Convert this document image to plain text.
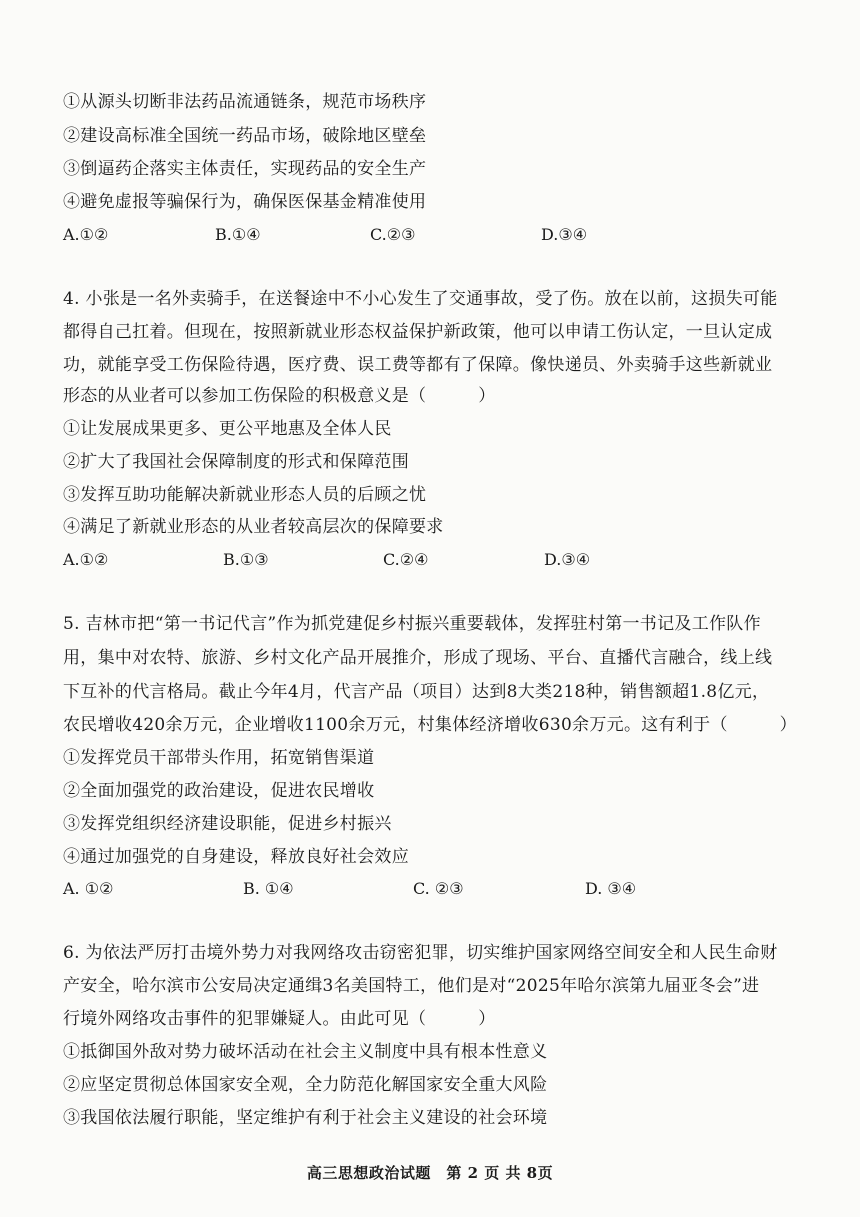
①从源头切断非法药品流通链条，规范市场秩序
②建设高标准全国统一药品市场，破除地区壁垒
③倒逼药企落实主体责任，实现药品的安全生产
④避免虚报等骗保行为，确保医保基金精准使用
A.①②	B.①④	C.②③	D.③④
4. 小张是一名外卖骑手，在送餐途中不小心发生了交通事故，受了伤。放在以前，这损失可能
都得自己扛着。但现在，按照新就业形态权益保护新政策，他可以申请工伤认定，一旦认定成
功，就能享受工伤保险待遇，医疗费、误工费等都有了保障。像快递员、外卖骑手这些新就业
形态的从业者可以参加工伤保险的积极意义是（　　　）
①让发展成果更多、更公平地惠及全体人民
②扩大了我国社会保障制度的形式和保障范围
③发挥互助功能解决新就业形态人员的后顾之忧
④满足了新就业形态的从业者较高层次的保障要求
A.①②	B.①③	C.②④	D.③④
5. 吉林市把“第一书记代言”作为抓党建促乡村振兴重要载体，发挥驻村第一书记及工作队作
用，集中对农特、旅游、乡村文化产品开展推介，形成了现场、平台、直播代言融合，线上线
下互补的代言格局。截止今年4月，代言产品（项目）达到8大类218种，销售额超1.8亿元，
农民增收420余万元，企业增收1100余万元，村集体经济增收630余万元。这有利于（　　　）
①发挥党员干部带头作用，拓宽销售渠道
②全面加强党的政治建设，促进农民增收
③发挥党组织经济建设职能，促进乡村振兴
④通过加强党的自身建设，释放良好社会效应
A. ①②	B. ①④	C. ②③	D. ③④
6. 为依法严厉打击境外势力对我网络攻击窃密犯罪，切实维护国家网络空间安全和人民生命财
产安全，哈尔滨市公安局决定通缉3名美国特工，他们是对“2025年哈尔滨第九届亚冬会”进
行境外网络攻击事件的犯罪嫌疑人。由此可见（　　　）
①抵御国外敌对势力破坏活动在社会主义制度中具有根本性意义
②应坚定贯彻总体国家安全观，全力防范化解国家安全重大风险
③我国依法履行职能，坚定维护有利于社会主义建设的社会环境
高三思想政治试题　第 2 页 共 8页
